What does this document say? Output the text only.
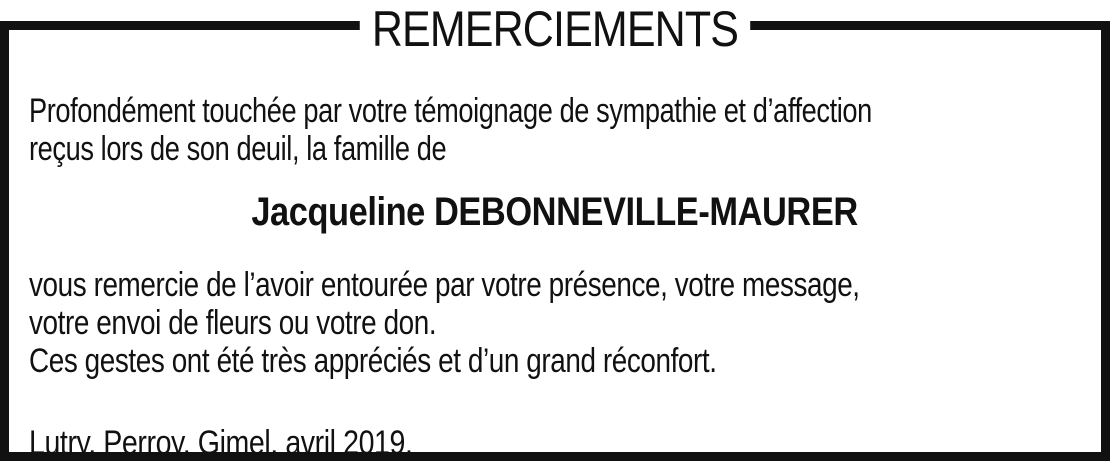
REMERCIEMENTS
Profondément touchée par votre témoignage de sympathie et d’affection
reçus lors de son deuil, la famille de
Jacqueline DEBONNEVILLE-MAURER
vous remercie de l’avoir entourée par votre présence, votre message,
votre envoi de fleurs ou votre don.
Ces gestes ont été très appréciés et d’un grand réconfort.
Lutry, Perroy, Gimel, avril 2019.
